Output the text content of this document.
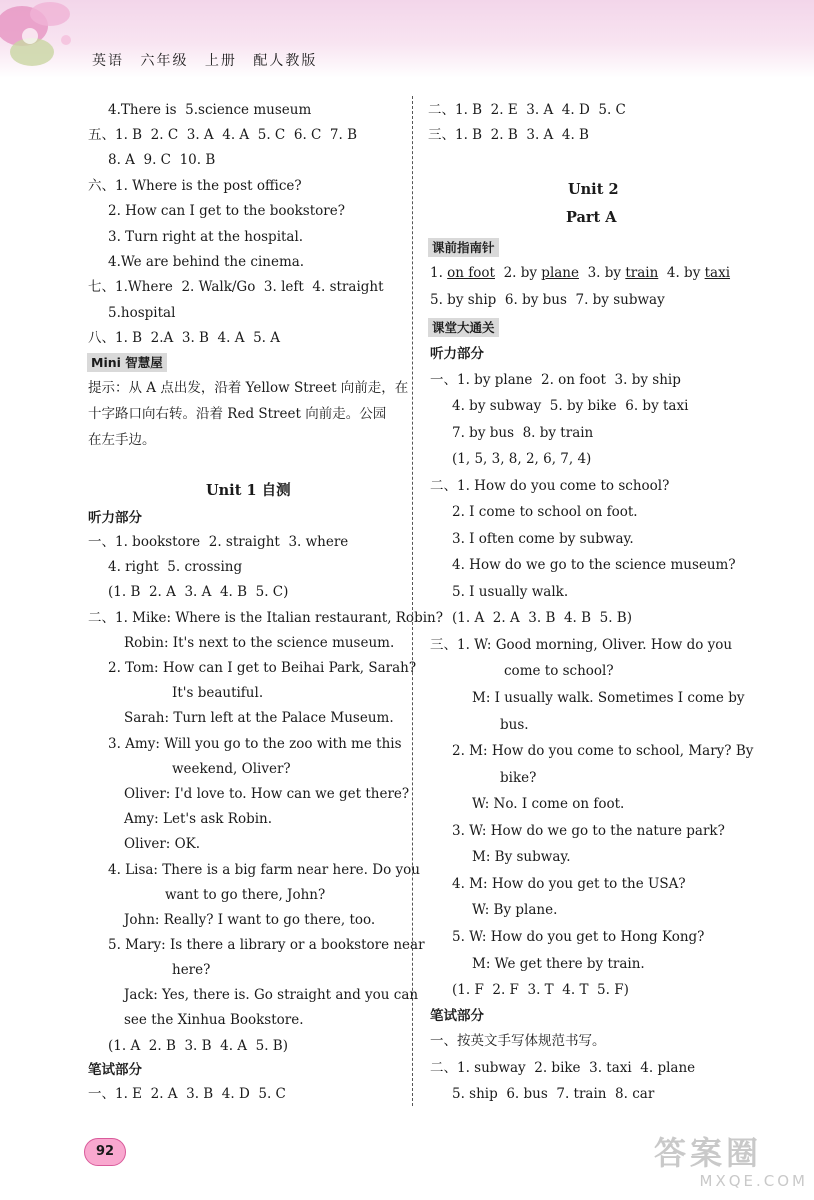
英语 六年级 上册 配人教版
4.There is  5.science museum
五、1. B  2. C  3. A  4. A  5. C  6. C  7. B
8. A  9. C  10. B
六、1. Where is the post office?
2. How can I get to the bookstore?
3. Turn right at the hospital.
4.We are behind the cinema.
七、1.Where  2. Walk/Go  3. left  4. straight
5.hospital
八、1. B  2.A  3. B  4. A  5. A
提示：从 A 点出发，沿着 Yellow Street 向前走，在
十字路口向右转。沿着 Red Street 向前走。公园
在左手边。
Unit 1 自测
听力部分
一、1. bookstore  2. straight  3. where
4. right  5. crossing
(1. B  2. A  3. A  4. B  5. C)
二、1. Mike: Where is the Italian restaurant, Robin?
Robin: It's next to the science museum.
2. Tom: How can I get to Beihai Park, Sarah?
It's beautiful.
Sarah: Turn left at the Palace Museum.
3. Amy: Will you go to the zoo with me this
weekend, Oliver?
Oliver: I'd love to. How can we get there?
Amy: Let's ask Robin.
Oliver: OK.
4. Lisa: There is a big farm near here. Do you
want to go there, John?
John: Really? I want to go there, too.
5. Mary: Is there a library or a bookstore near
here?
Jack: Yes, there is. Go straight and you can
see the Xinhua Bookstore.
(1. A  2. B  3. B  4. A  5. B)
笔试部分
一、1. E  2. A  3. B  4. D  5. C
二、1. B  2. E  3. A  4. D  5. C
三、1. B  2. B  3. A  4. B
Unit 2
Part A
5. by ship  6. by bus  7. by subway
听力部分
一、1. by plane  2. on foot  3. by ship
4. by subway  5. by bike  6. by taxi
7. by bus  8. by train
(1, 5, 3, 8, 2, 6, 7, 4)
二、1. How do you come to school?
2. I come to school on foot.
3. I often come by subway.
4. How do we go to the science museum?
5. I usually walk.
(1. A  2. A  3. B  4. B  5. B)
三、1. W: Good morning, Oliver. How do you
come to school?
M: I usually walk. Sometimes I come by
bus.
2. M: How do you come to school, Mary? By
bike?
W: No. I come on foot.
3. W: How do we go to the nature park?
M: By subway.
4. M: How do you get to the USA?
W: By plane.
5. W: How do you get to Hong Kong?
M: We get there by train.
(1. F  2. F  3. T  4. T  5. F)
笔试部分
一、按英文手写体规范书写。
二、1. subway  2. bike  3. taxi  4. plane
5. ship  6. bus  7. train  8. car
Mini 智慧屋
课前指南针
课堂大通关
1. on foot 2. by plane 3. by train 4. by taxi
92	答案圈
MXQE.COM
